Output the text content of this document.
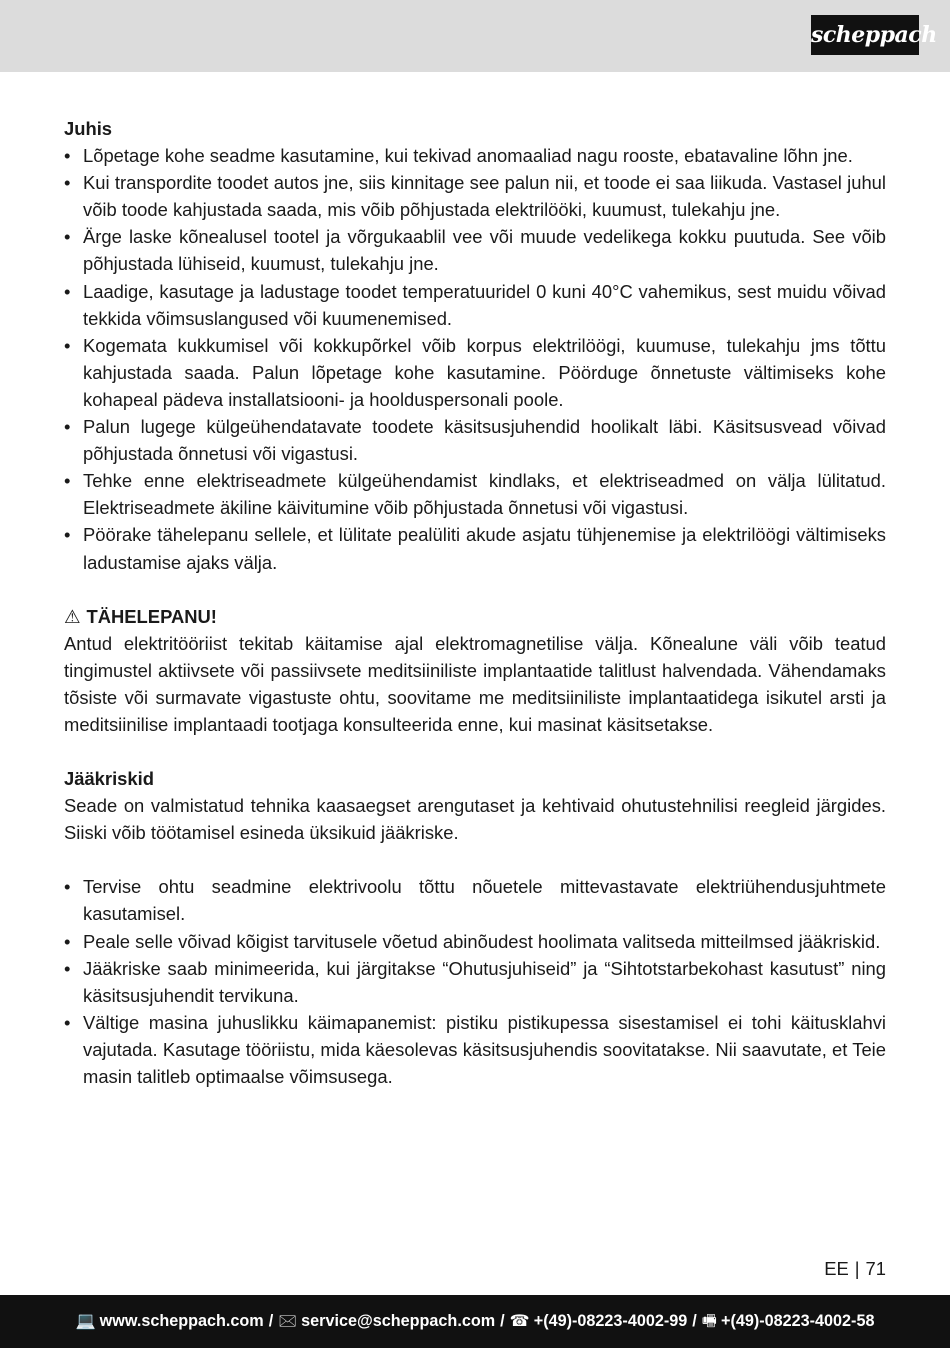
scheppach

Juhis

• Lõpetage kohe seadme kasutamine, kui tekivad anomaaliad nagu rooste, ebatavaline lõhn jne.
• Kui transpordite toodet autos jne, siis kinnitage see palun nii, et toode ei saa liikuda. Vastasel juhul võib toode kahjustada saada, mis võib põhjustada elektrilööki, kuumust, tulekahju jne.
• Ärge laske kõnealusel tootel ja võrgukaablil vee või muude vedelikega kokku puutuda. See võib põhjustada lühiseid, kuumust, tulekahju jne.
• Laadige, kasutage ja ladustage toodet temperatuuridel 0 kuni 40°C vahemikus, sest muidu võivad tekkida võimsuslangused või kuumenemised.
• Kogemata kukkumisel või kokkupõrkel võib korpus elektrilöögi, kuumuse, tulekahju jms tõttu kahjustada saada. Palun lõpetage kohe kasutamine. Pöörduge õnnetuste vältimiseks kohe kohapeal pädeva installatsiooni- ja hoolduspersonali poole.
• Palun lugege külgeühendatavate toodete käsitsusjuhendid hoolikalt läbi. Käsitsusvead võivad põhjustada õnnetusi või vigastusi.
• Tehke enne elektriseadmete külgeühendamist kindlaks, et elektriseadmed on välja lülitatud. Elektriseadmete äkiline käivitumine võib põhjustada õnnetusi või vigastusi.
• Pöörake tähelepanu sellele, et lülitate pealüliti akude asjatu tühjenemise ja elektrilöögi vältimiseks ladustamise ajaks välja.

⚠ TÄHELEPANU!

Antud elektritööriist tekitab käitamise ajal elektromagnetilise välja. Kõnealune väli võib teatud tingimustel aktiivsete või passiivsete meditsiiniliste implantaatide talitlust halvendada. Vähendamaks tõsiste või surmavate vigastuste ohtu, soovitame me meditsiiniliste implantaatidega isikutel arsti ja meditsiinilise implantaadi tootjaga konsulteerida enne, kui masinat käsitsetakse.

Jääkriskid

Seade on valmistatud tehnika kaasaegset arengutaset ja kehtivaid ohutustehnilisi reegleid järgides. Siiski võib töötamisel esineda üksikuid jääkriske.

• Tervise ohtu seadmine elektrivoolu tõttu nõuetele mittevastavate elektriühendusjuhtmete kasutamisel.
• Peale selle võivad kõigist tarvitusele võetud abinõudest hoolimata valitseda mitteilmsed jääkriskid.
• Jääkriske saab minimeerida, kui järgitakse “Ohutusjuhiseid” ja “Sihtotstarbekohast kasutust” ning käsitsusjuhendit tervikuna.
• Vältige masina juhuslikku käimapanemist: pistiku pistikupessa sisestamisel ei tohi käitusklahvi vajutada. Kasutage tööriistu, mida käesolevas käsitsusjuhendis soovitatakse. Nii saavutate, et Teie masin talitleb optimaalse võimsusega.
EE | 71
💻 www.scheppach.com / 🖂 service@scheppach.com / ☎ +(49)-08223-4002-99 / 🖷 +(49)-08223-4002-58
